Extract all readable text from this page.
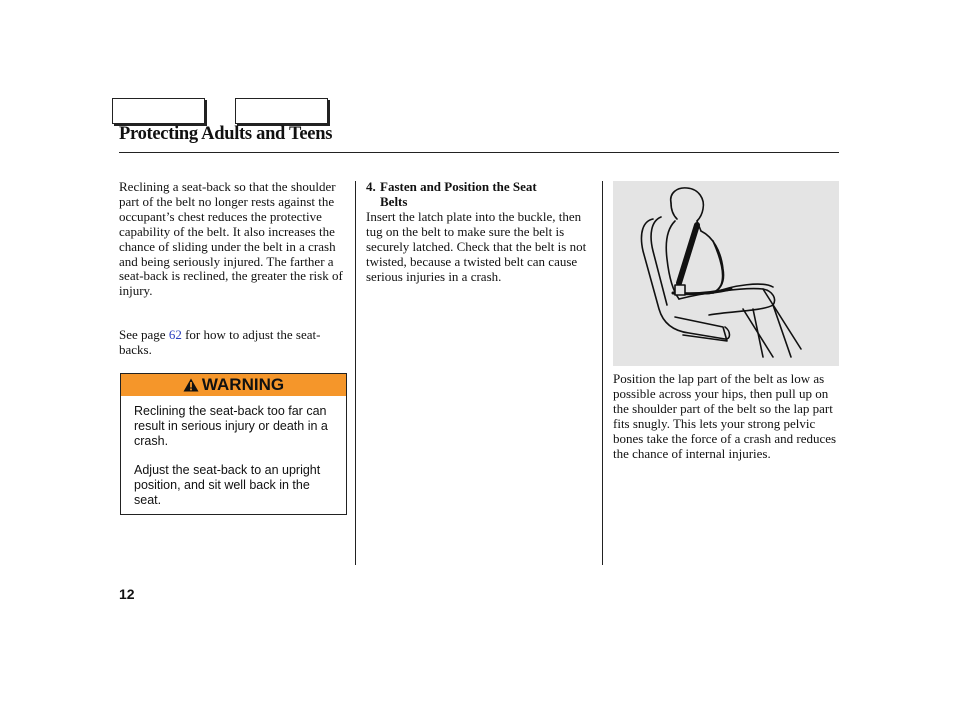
Protecting Adults and Teens

Reclining a seat-back so that the shoulder part of the belt no longer rests against the occupant’s chest reduces the protective capability of the belt. It also increases the chance of sliding under the belt in a crash and being seriously injured. The farther a seat-back is reclined, the greater the risk of injury.

See page 62 for how to adjust the seat-backs.

WARNING

Reclining the seat-back too far can result in serious injury or death in a crash.

Adjust the seat-back to an upright position, and sit well back in the seat.

4. Fasten and Position the Seat
Belts

Insert the latch plate into the buckle, then tug on the belt to make sure the belt is securely latched. Check that the belt is not twisted, because a twisted belt can cause serious injuries in a crash.

Position the lap part of the belt as low as possible across your hips, then pull up on the shoulder part of the belt so the lap part fits snugly. This lets your strong pelvic bones take the force of a crash and reduces the chance of internal injuries.

12
